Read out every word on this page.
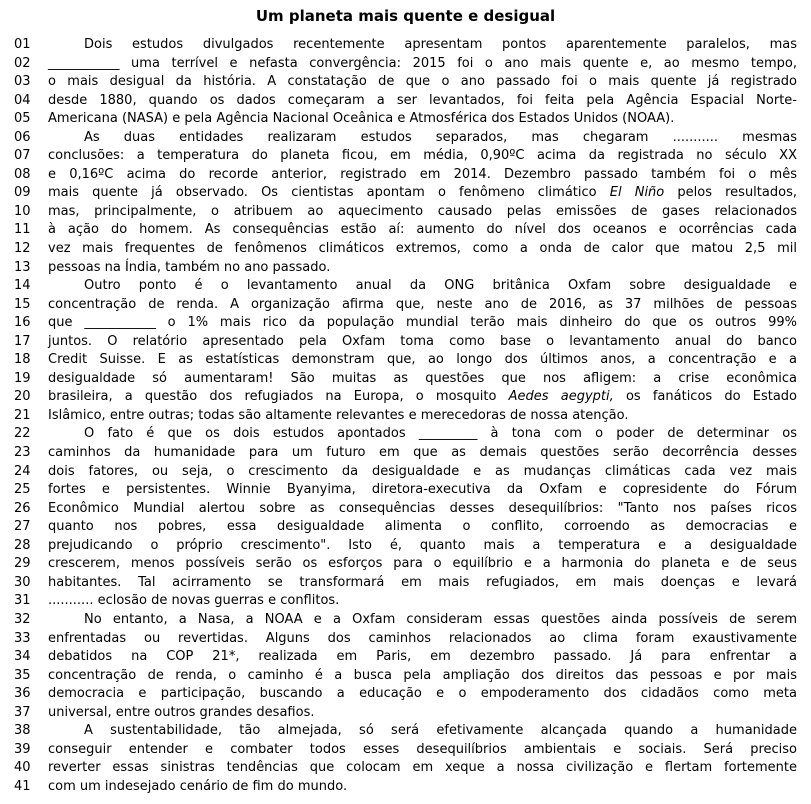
Um planeta mais quente e desigual
01	Dois estudos divulgados recentemente apresentam pontos aparentemente paralelos, mas
02	___________ uma terrível e nefasta convergência: 2015 foi o ano mais quente e, ao mesmo tempo,
03	o mais desigual da história. A constatação de que o ano passado foi o mais quente já registrado
04	desde 1880, quando os dados começaram a ser levantados, foi feita pela Agência Espacial Norte-
05	Americana (NASA) e pela Agência Nacional Oceânica e Atmosférica dos Estados Unidos (NOAA).
06	As duas entidades realizaram estudos separados, mas chegaram ........... mesmas
07	conclusões: a temperatura do planeta ficou, em média, 0,90ºC acima da registrada no século XX
08	e 0,16ºC acima do recorde anterior, registrado em 2014. Dezembro passado também foi o mês
09	mais quente já observado. Os cientistas apontam o fenômeno climático El Niño pelos resultados,
10	mas, principalmente, o atribuem ao aquecimento causado pelas emissões de gases relacionados
11	à ação do homem. As consequências estão aí: aumento do nível dos oceanos e ocorrências cada
12	vez mais frequentes de fenômenos climáticos extremos, como a onda de calor que matou 2,5 mil
13	pessoas na Índia, também no ano passado.
14	Outro ponto é o levantamento anual da ONG britânica Oxfam sobre desigualdade e
15	concentração de renda. A organização afirma que, neste ano de 2016, as 37 milhões de pessoas
16	que ___________ o 1% mais rico da população mundial terão mais dinheiro do que os outros 99%
17	juntos. O relatório apresentado pela Oxfam toma como base o levantamento anual do banco
18	Credit Suisse. E as estatísticas demonstram que, ao longo dos últimos anos, a concentração e a
19	desigualdade só aumentaram! São muitas as questões que nos afligem: a crise econômica
20	brasileira, a questão dos refugiados na Europa, o mosquito Aedes aegypti, os fanáticos do Estado
21	Islâmico, entre outras; todas são altamente relevantes e merecedoras de nossa atenção.
22	O fato é que os dois estudos apontados _________ à tona com o poder de determinar os
23	caminhos da humanidade para um futuro em que as demais questões serão decorrência desses
24	dois fatores, ou seja, o crescimento da desigualdade e as mudanças climáticas cada vez mais
25	fortes e persistentes. Winnie Byanyima, diretora-executiva da Oxfam e copresidente do Fórum
26	Econômico Mundial alertou sobre as consequências desses desequilíbrios: "Tanto nos países ricos
27	quanto nos pobres, essa desigualdade alimenta o conflito, corroendo as democracias e
28	prejudicando o próprio crescimento". Isto é, quanto mais a temperatura e a desigualdade
29	crescerem, menos possíveis serão os esforços para o equilíbrio e a harmonia do planeta e de seus
30	habitantes. Tal acirramento se transformará em mais refugiados, em mais doenças e levará
31	........... eclosão de novas guerras e conflitos.
32	No entanto, a Nasa, a NOAA e a Oxfam consideram essas questões ainda possíveis de serem
33	enfrentadas ou revertidas. Alguns dos caminhos relacionados ao clima foram exaustivamente
34	debatidos na COP 21*, realizada em Paris, em dezembro passado. Já para enfrentar a
35	concentração de renda, o caminho é a busca pela ampliação dos direitos das pessoas e por mais
36	democracia e participação, buscando a educação e o empoderamento dos cidadãos como meta
37	universal, entre outros grandes desafios.
38	A sustentabilidade, tão almejada, só será efetivamente alcançada quando a humanidade
39	conseguir entender e combater todos esses desequilíbrios ambientais e sociais. Será preciso
40	reverter essas sinistras tendências que colocam em xeque a nossa civilização e flertam fortemente
41	com um indesejado cenário de fim do mundo.
